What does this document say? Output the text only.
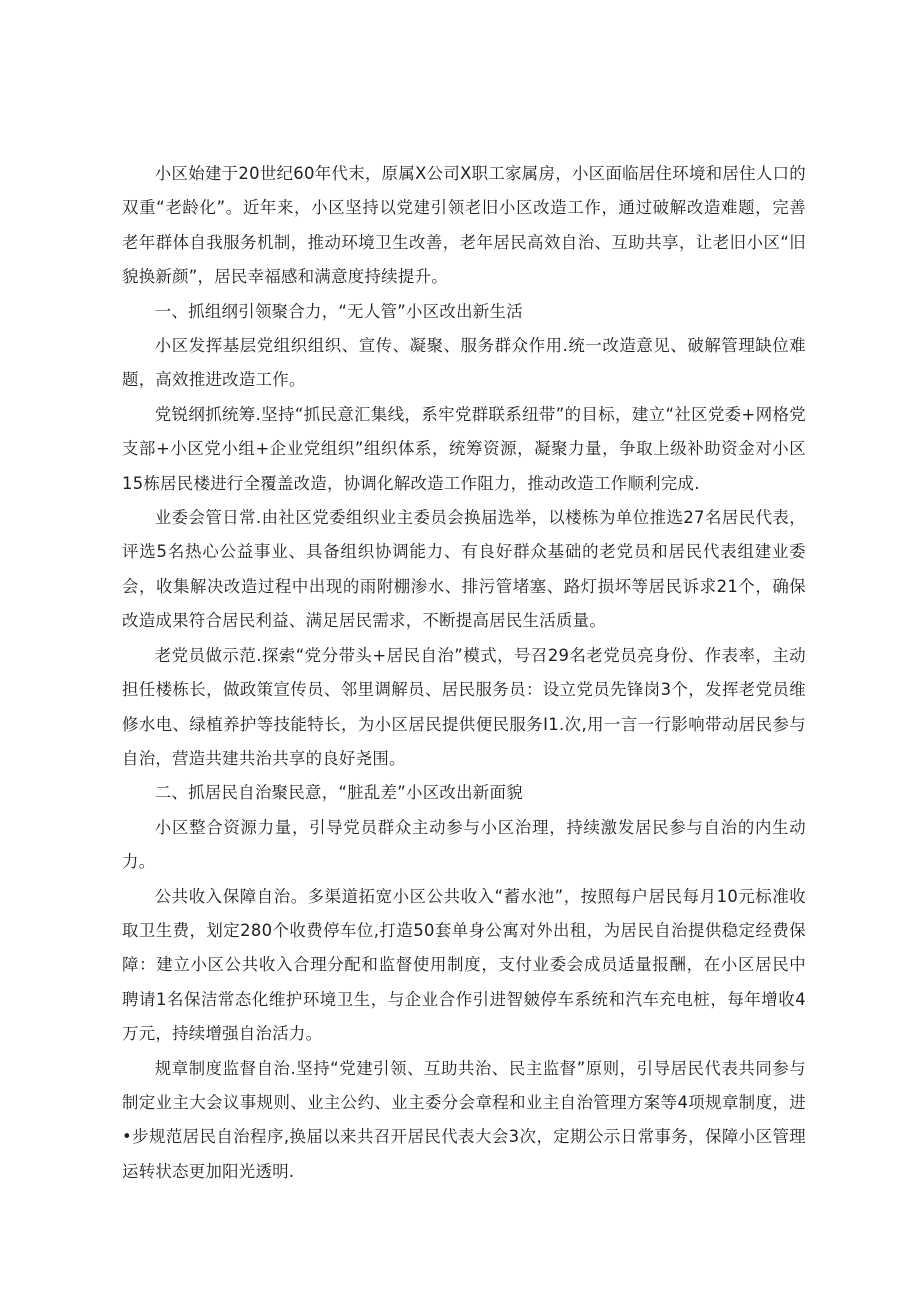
小区始建于20世纪60年代末，原属X公司X职工家属房，小区面临居住环境和居住人口的双重“老龄化”。近年来，小区坚持以党建引领老旧小区改造工作，通过破解改造难题，完善老年群体自我服务机制，推动环境卫生改善，老年居民高效自治、互助共享，让老旧小区“旧貌换新颜”，居民幸福感和满意度持续提升。

一、抓组纲引领聚合力，“无人管”小区改出新生活

小区发挥基层党组织组织、宣传、凝聚、服务群众作用.统一改造意见、破解管理缺位难题，高效推进改造工作。

党锐纲抓统筹.坚持“抓民意汇集线，系牢党群联系纽带”的目标，建立“社区党委+网格党支部+小区党小组+企业党组织”组织体系，统筹资源，凝聚力量，争取上级补助资金对小区15栋居民楼进行全覆盖改造，协调化解改造工作阻力，推动改造工作顺利完成.

业委会管日常.由社区党委组织业主委员会换届选举，以楼栋为单位推选27名居民代表，评选5名热心公益事业、具备组织协调能力、有良好群众基础的老党员和居民代表组建业委会，收集解决改造过程中出现的雨附棚渗水、排污管堵塞、路灯损坏等居民诉求21个，确保改造成果符合居民利益、满足居民需求，不断提高居民生活质量。

老党员做示范.探索“党分带头+居民自治”模式，号召29名老党员亮身份、作表率，主动担任楼栋长，做政策宣传员、邻里调解员、居民服务员：设立党员先锋岗3个，发挥老党员维修水电、绿植养护等技能特长，为小区居民提供便民服务I1.次,用一言一行影响带动居民参与自治，营造共建共治共享的良好尧围。

二、抓居民自治聚民意，“脏乱差”小区改出新面貌

小区整合资源力量，引导党员群众主动参与小区治理，持续激发居民参与自治的内生动力。

公共收入保障自治。多渠道拓宽小区公共收入“蓄水池”，按照每户居民每月10元标准收取卫生费，划定280个收费停车位,打造50套单身公寓对外出租，为居民自治提供稳定经费保障：建立小区公共收入合理分配和监督使用制度，支付业委会成员适量报酬，在小区居民中聘请1名保洁常态化维护环境卫生，与企业合作引进智皴停车系统和汽车充电桩，每年增收4万元，持续增强自治活力。

规章制度监督自治.坚持“党建引领、互助共治、民主监督”原则，引导居民代表共同参与制定业主大会议事规则、业主公约、业主委分会章程和业主自治管理方案等4项规章制度，进•步规范居民自治程序,换届以来共召开居民代表大会3次，定期公示日常事务，保障小区管理运转状态更加阳光透明.
